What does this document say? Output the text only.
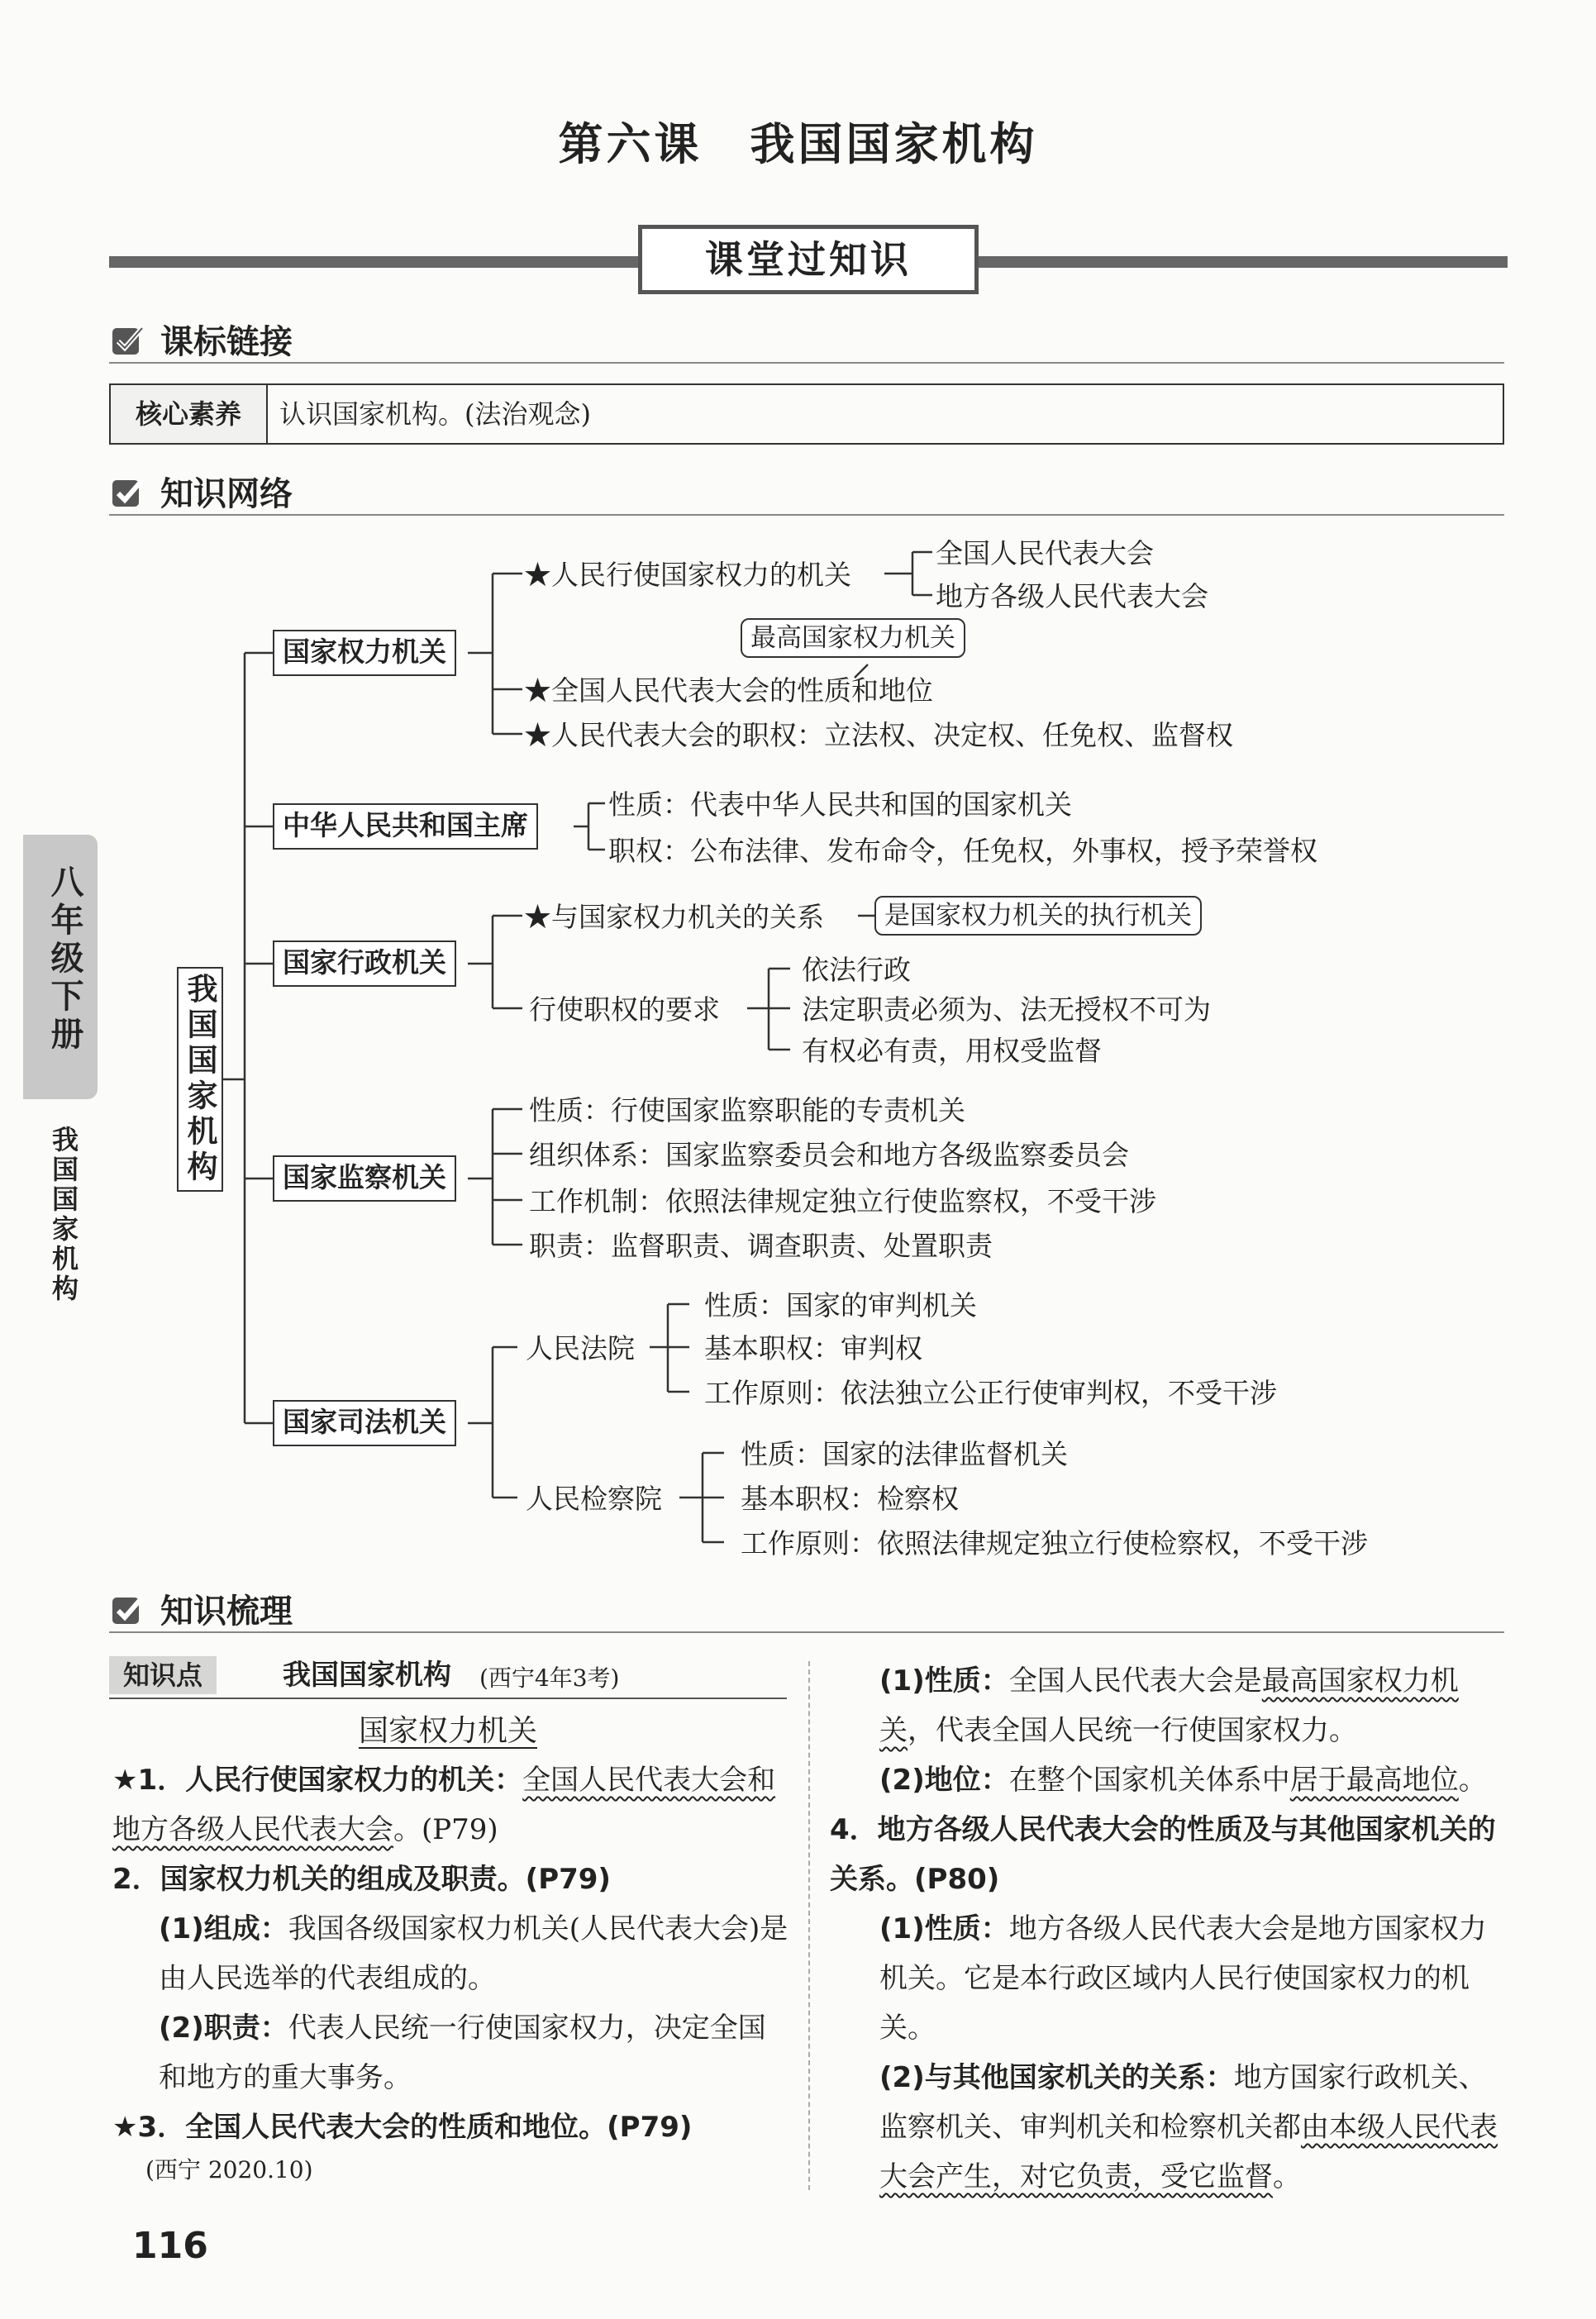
第六课　我国国家机构
课堂过知识
八年级下册
我国国家机构
课标链接
核心素养	认识国家机构。(法治观念)
知识网络
我国国家机构
国家权力机关
★人民行使国家权力的机关
全国人民代表大会
地方各级人民代表大会
最高国家权力机关
★全国人民代表大会的性质和地位
★人民代表大会的职权：立法权、决定权、任免权、监督权
中华人民共和国主席
性质：代表中华人民共和国的国家机关
职权：公布法律、发布命令，任免权，外事权，授予荣誉权
国家行政机关
★与国家权力机关的关系	是国家权力机关的执行机关
行使职权的要求
依法行政
法定职责必须为、法无授权不可为
有权必有责，用权受监督
国家监察机关
性质：行使国家监察职能的专责机关
组织体系：国家监察委员会和地方各级监察委员会
工作机制：依照法律规定独立行使监察权，不受干涉
职责：监督职责、调查职责、处置职责
国家司法机关
人民法院
性质：国家的审判机关
基本职权：审判权
工作原则：依法独立公正行使审判权，不受干涉
人民检察院
性质：国家的法律监督机关
基本职权：检察权
工作原则：依照法律规定独立行使检察权，不受干涉
知识梳理
知识点	我国国家机构 (西宁4年3考)
国家权力机关

★1．人民行使国家权力的机关：全国人民代表大会和地方各级人民代表大会。(P79)

2．国家权力机关的组成及职责。(P79)

(1)组成：我国各级国家权力机关(人民代表大会)是由人民选举的代表组成的。

(2)职责：代表人民统一行使国家权力，决定全国和地方的重大事务。

★3．全国人民代表大会的性质和地位。(P79)

(西宁 2020.10)

(1)性质：全国人民代表大会是最高国家权力机关，代表全国人民统一行使国家权力。

(2)地位：在整个国家机关体系中居于最高地位。

4．地方各级人民代表大会的性质及与其他国家机关的关系。(P80)

(1)性质：地方各级人民代表大会是地方国家权力机关。它是本行政区域内人民行使国家权力的机关。

(2)与其他国家机关的关系：地方国家行政机关、监察机关、审判机关和检察机关都由本级人民代表大会产生，对它负责，受它监督。

116
